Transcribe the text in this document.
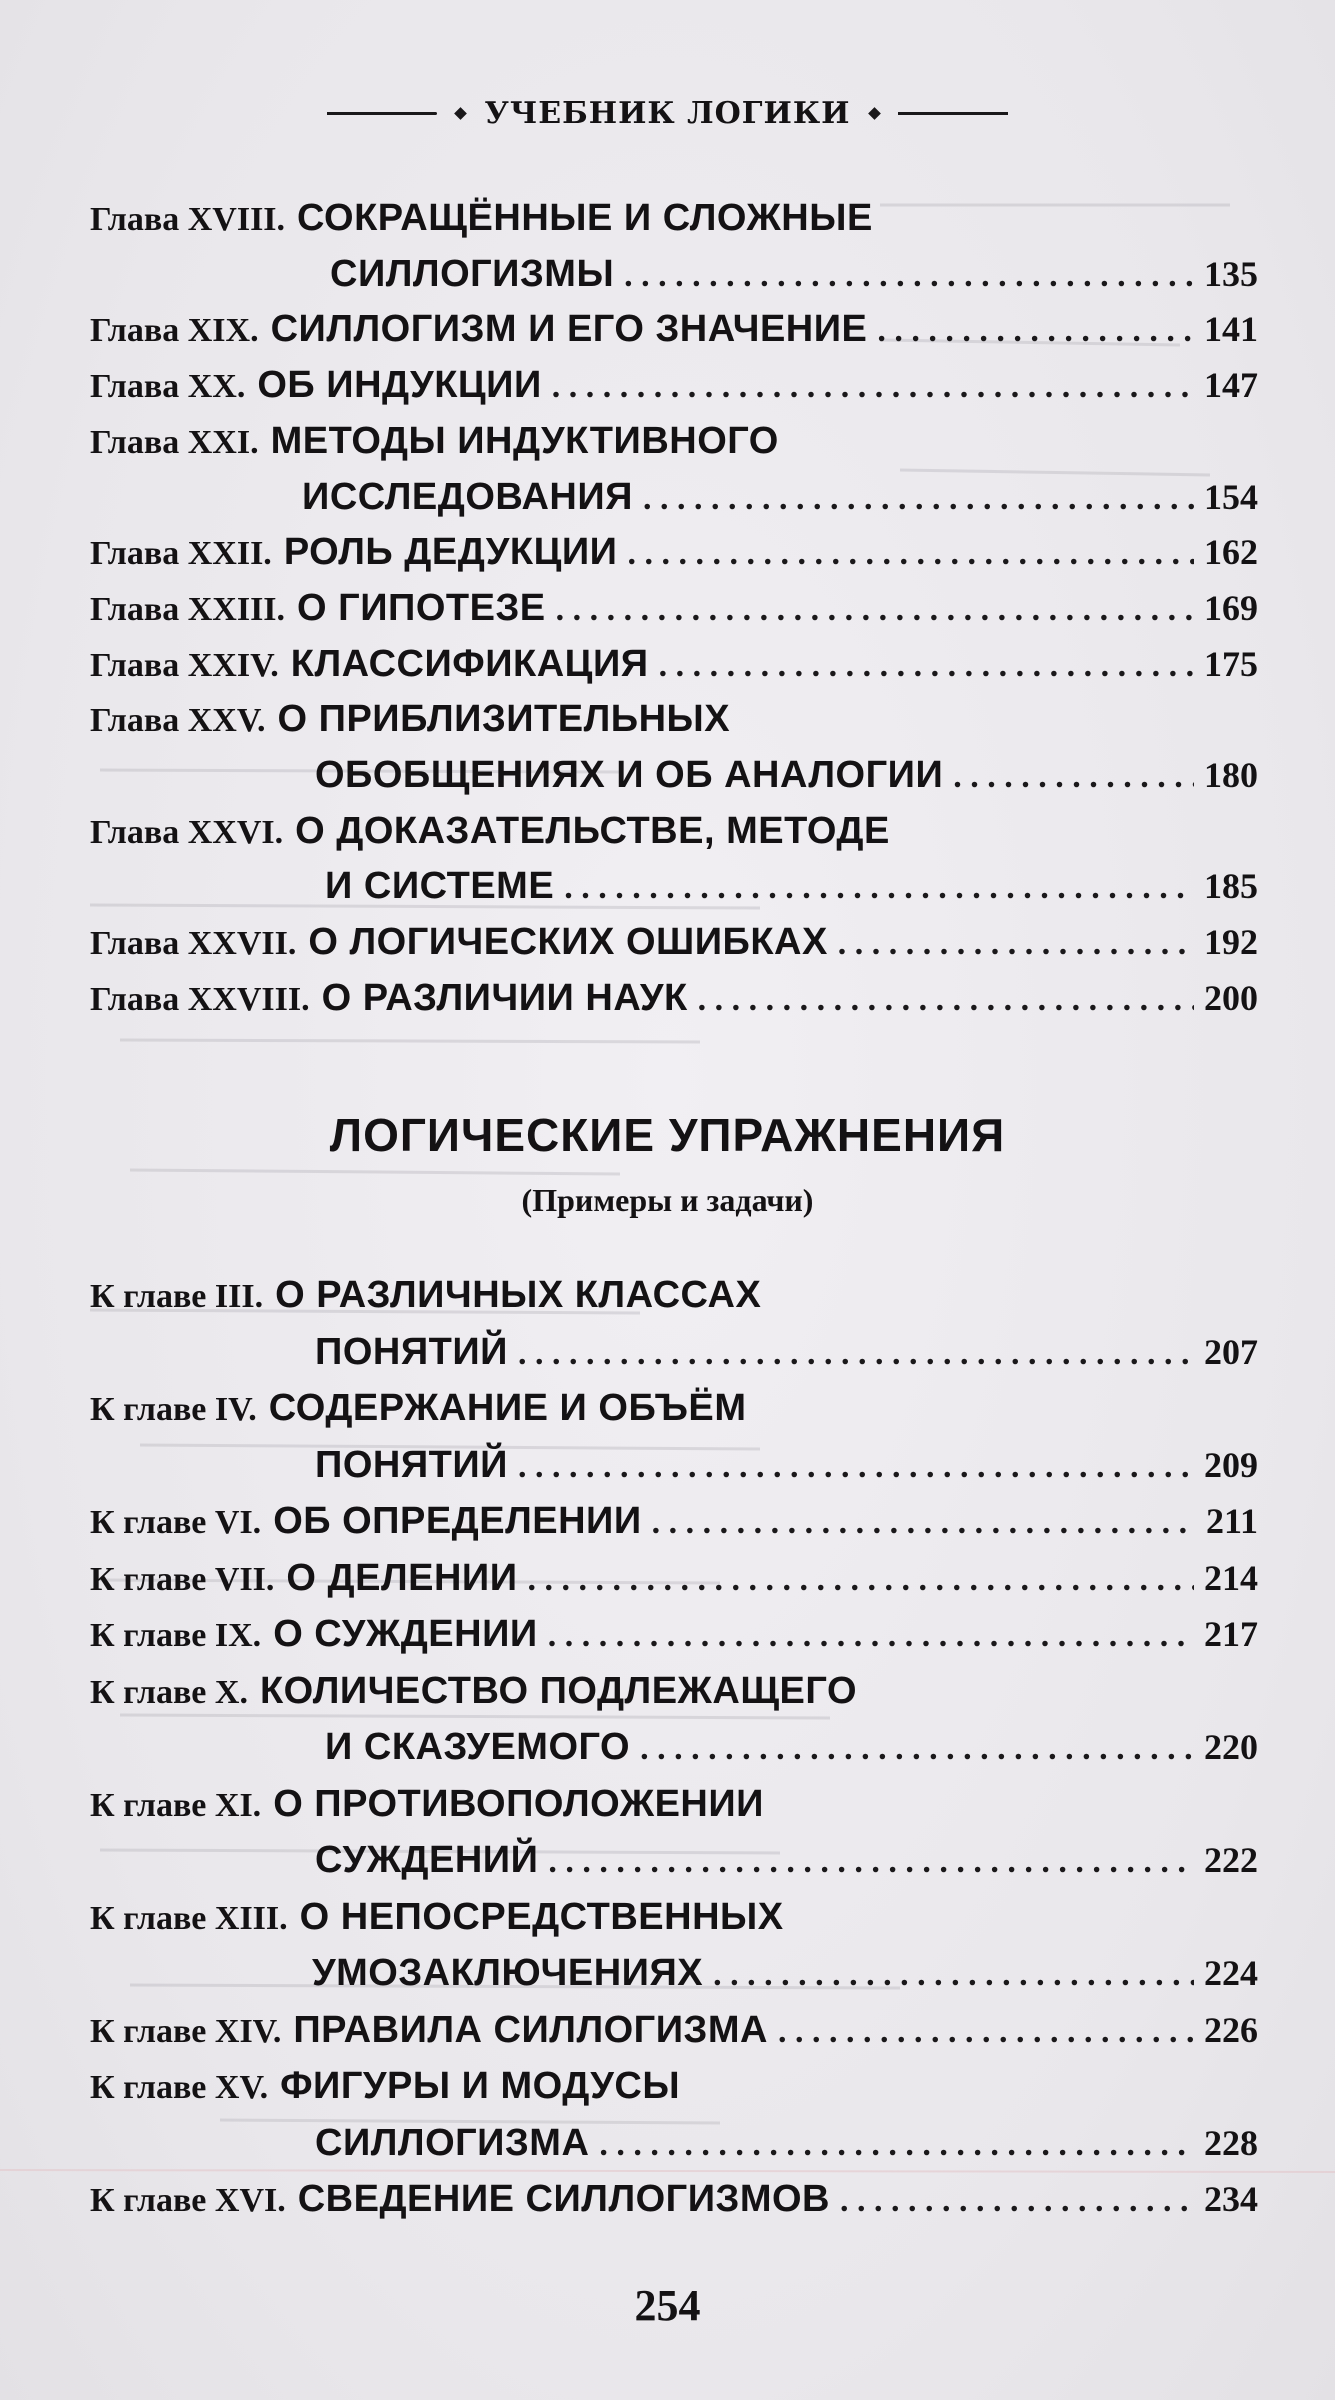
УЧЕБНИК ЛОГИКИ
Глава XVIII. СОКРАЩЁННЫЕ И СЛОЖНЫЕ
СИЛЛОГИЗМЫ . . .	135
Глава XIX. СИЛЛОГИЗМ И ЕГО ЗНАЧЕНИЕ . . .	141
Глава XX. ОБ ИНДУКЦИИ . . .	147
Глава XXI. МЕТОДЫ ИНДУКТИВНОГО
ИССЛЕДОВАНИЯ . . .	154
Глава XXII. РОЛЬ ДЕДУКЦИИ . . .	162
Глава XXIII. О ГИПОТЕЗЕ . . .	169
Глава XXIV. КЛАССИФИКАЦИЯ . . .	175
Глава XXV. О ПРИБЛИЗИТЕЛЬНЫХ
ОБОБЩЕНИЯХ И ОБ АНАЛОГИИ . . .	180
Глава XXVI. О ДОКАЗАТЕЛЬСТВЕ, МЕТОДЕ
И СИСТЕМЕ . . .	185
Глава XXVII. О ЛОГИЧЕСКИХ ОШИБКАХ . . .	192
Глава XXVIII. О РАЗЛИЧИИ НАУК . . .	200
ЛОГИЧЕСКИЕ УПРАЖНЕНИЯ
(Примеры и задачи)
К главе III. О РАЗЛИЧНЫХ КЛАССАХ
ПОНЯТИЙ . . .	207
К главе IV. СОДЕРЖАНИЕ И ОБЪЁМ
ПОНЯТИЙ . . .	209
К главе VI. ОБ ОПРЕДЕЛЕНИИ . . .	211
К главе VII. О ДЕЛЕНИИ . . .	214
К главе IX. О СУЖДЕНИИ . . .	217
К главе X. КОЛИЧЕСТВО ПОДЛЕЖАЩЕГО
И СКАЗУЕМОГО . . .	220
К главе XI. О ПРОТИВОПОЛОЖЕНИИ
СУЖДЕНИЙ . . .	222
К главе XIII. О НЕПОСРЕДСТВЕННЫХ
УМОЗАКЛЮЧЕНИЯХ . . .	224
К главе XIV. ПРАВИЛА СИЛЛОГИЗМА . . .	226
К главе XV. ФИГУРЫ И МОДУСЫ
СИЛЛОГИЗМА . . .	228
К главе XVI. СВЕДЕНИЕ СИЛЛОГИЗМОВ . . .	234
254
